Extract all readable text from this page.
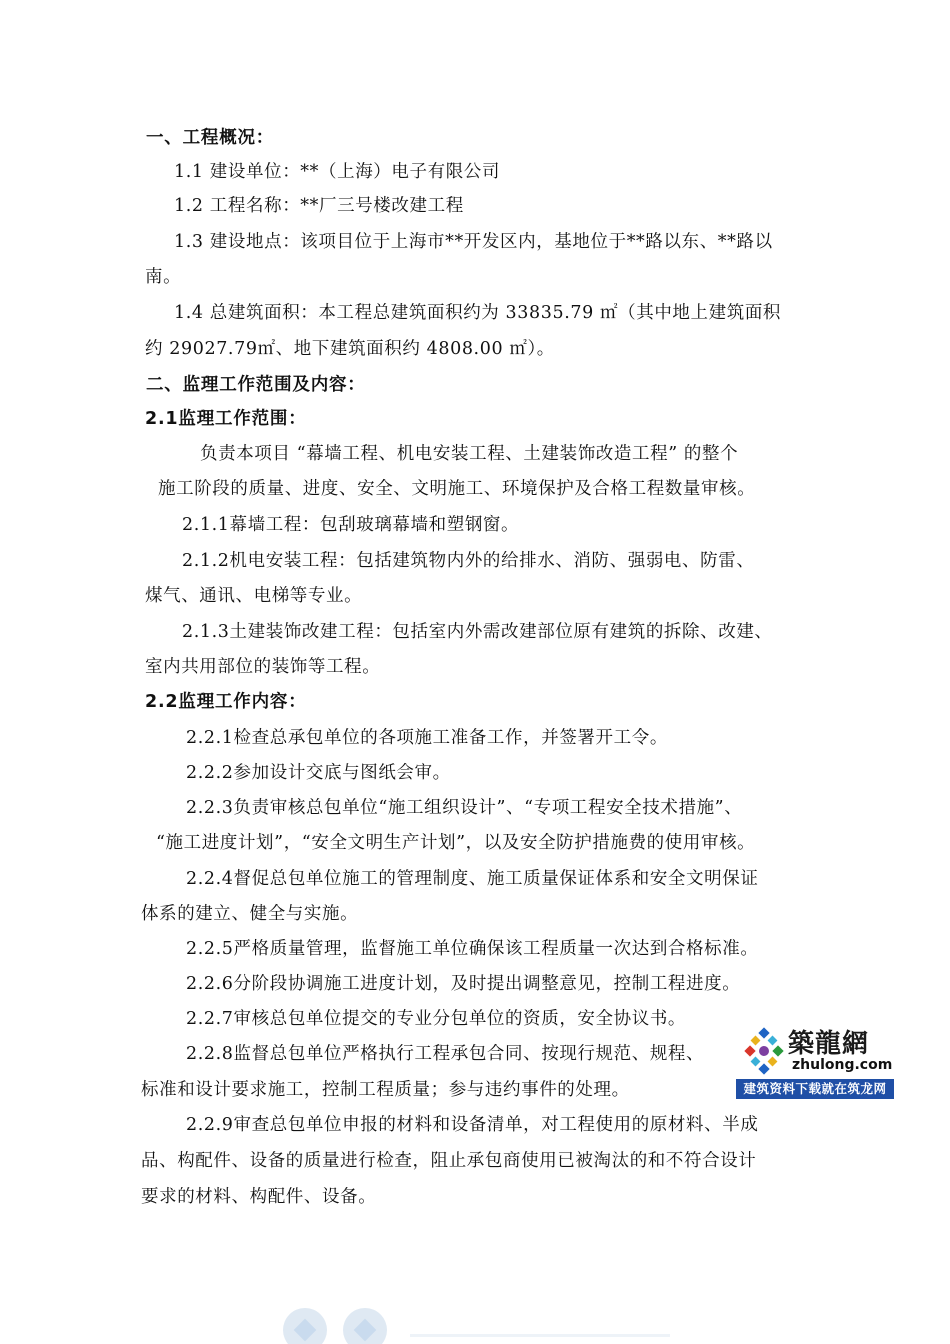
一、工程概况：
1.1 建设单位：**（上海）电子有限公司
1.2 工程名称：**厂三号楼改建工程
1.3 建设地点：该项目位于上海市**开发区内，基地位于**路以东、**路以
南。
1.4 总建筑面积：本工程总建筑面积约为 33835.79 ㎡（其中地上建筑面积
约 29027.79㎡、地下建筑面积约 4808.00 ㎡）。
二、监理工作范围及内容：
2.1监理工作范围：
负责本项目 “幕墙工程、机电安装工程、土建装饰改造工程” 的整个
施工阶段的质量、进度、安全、文明施工、环境保护及合格工程数量审核。
2.1.1幕墙工程：包刮玻璃幕墙和塑钢窗。
2.1.2机电安装工程：包括建筑物内外的给排水、消防、强弱电、防雷、
煤气、通讯、电梯等专业。
2.1.3土建装饰改建工程：包括室内外需改建部位原有建筑的拆除、改建、
室内共用部位的装饰等工程。
2.2监理工作内容：
2.2.1检查总承包单位的各项施工准备工作，并签署开工令。
2.2.2参加设计交底与图纸会审。
2.2.3负责审核总包单位“施工组织设计”、“专项工程安全技术措施”、
“施工进度计划”，“安全文明生产计划”，以及安全防护措施费的使用审核。
2.2.4督促总包单位施工的管理制度、施工质量保证体系和安全文明保证
体系的建立、健全与实施。
2.2.5严格质量管理，监督施工单位确保该工程质量一次达到合格标准。
2.2.6分阶段协调施工进度计划，及时提出调整意见，控制工程进度。
2.2.7审核总包单位提交的专业分包单位的资质，安全协议书。
2.2.8监督总包单位严格执行工程承包合同、按现行规范、规程、
标准和设计要求施工，控制工程质量；参与违约事件的处理。
2.2.9审查总包单位申报的材料和设备清单，对工程使用的原材料、半成
品、构配件、设备的质量进行检查，阻止承包商使用已被淘汰的和不符合设计
要求的材料、构配件、设备。
築龍網
zhulong.com
建筑资料下载就在筑龙网
